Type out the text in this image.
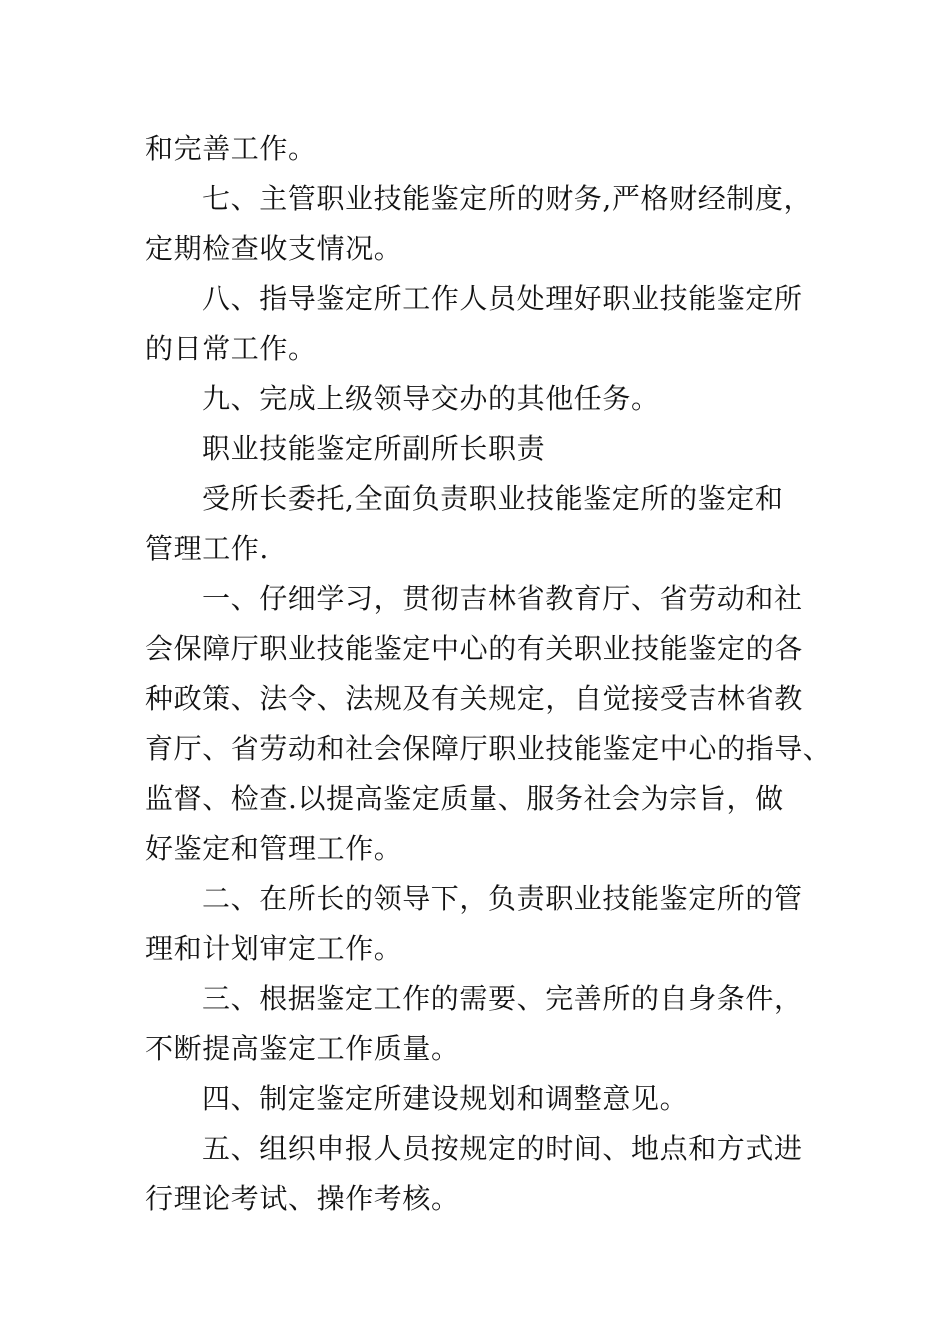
和完善工作。
七、主管职业技能鉴定所的财务,严格财经制度，
定期检查收支情况。
八、指导鉴定所工作人员处理好职业技能鉴定所
的日常工作。
九、完成上级领导交办的其他任务。
职业技能鉴定所副所长职责
受所长委托,全面负责职业技能鉴定所的鉴定和
管理工作.
一、仔细学习，贯彻吉林省教育厅、省劳动和社
会保障厅职业技能鉴定中心的有关职业技能鉴定的各
种政策、法令、法规及有关规定，自觉接受吉林省教
育厅、省劳动和社会保障厅职业技能鉴定中心的指导、
监督、检查.以提高鉴定质量、服务社会为宗旨，做
好鉴定和管理工作。
二、在所长的领导下，负责职业技能鉴定所的管
理和计划审定工作。
三、根据鉴定工作的需要、完善所的自身条件，
不断提高鉴定工作质量。
四、制定鉴定所建设规划和调整意见。
五、组织申报人员按规定的时间、地点和方式进
行理论考试、操作考核。
